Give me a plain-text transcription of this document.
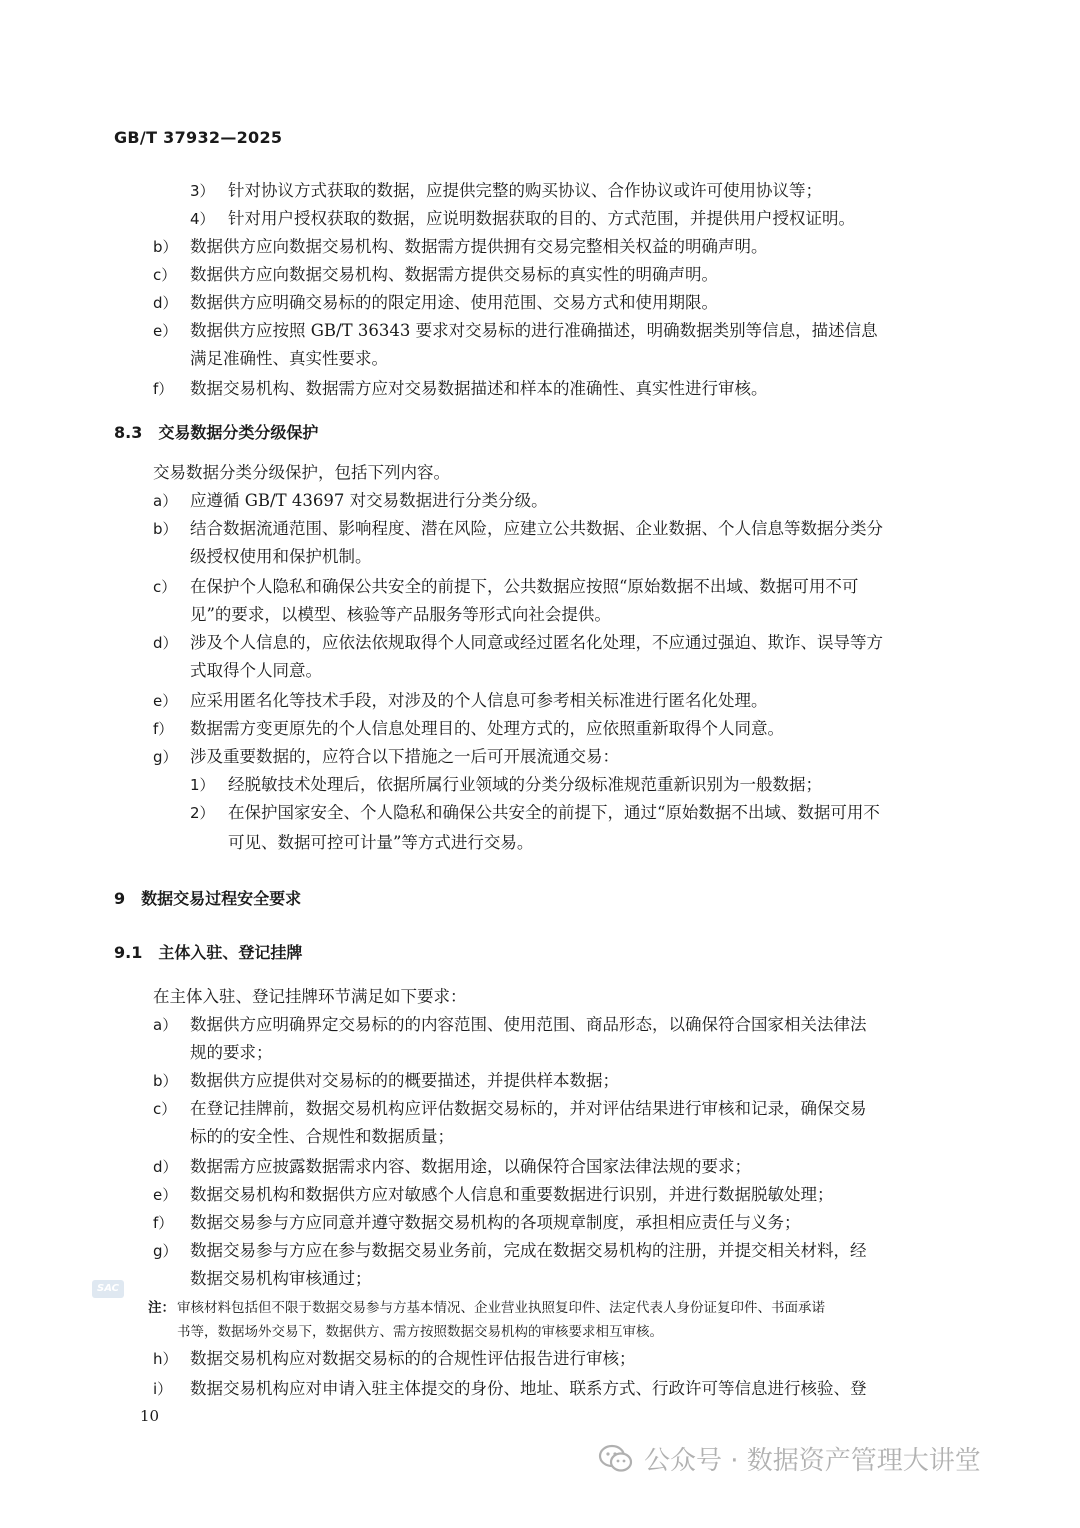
GB/T 37932—2025
3） 针对协议方式获取的数据，应提供完整的购买协议、合作协议或许可使用协议等；
4） 针对用户授权获取的数据，应说明数据获取的目的、方式范围，并提供用户授权证明。
b） 数据供方应向数据交易机构、数据需方提供拥有交易完整相关权益的明确声明。
c） 数据供方应向数据交易机构、数据需方提供交易标的真实性的明确声明。
d） 数据供方应明确交易标的的限定用途、使用范围、交易方式和使用期限。
e） 数据供方应按照 GB/T 36343 要求对交易标的进行准确描述，明确数据类别等信息，描述信息
满足准确性、真实性要求。
f） 数据交易机构、数据需方应对交易数据描述和样本的准确性、真实性进行审核。
8.3　交易数据分类分级保护
交易数据分类分级保护，包括下列内容。
a） 应遵循 GB/T 43697 对交易数据进行分类分级。
b） 结合数据流通范围、影响程度、潜在风险，应建立公共数据、企业数据、个人信息等数据分类分
级授权使用和保护机制。
c） 在保护个人隐私和确保公共安全的前提下，公共数据应按照“原始数据不出域、数据可用不可
见”的要求，以模型、核验等产品服务等形式向社会提供。
d） 涉及个人信息的，应依法依规取得个人同意或经过匿名化处理，不应通过强迫、欺诈、误导等方
式取得个人同意。
e） 应采用匿名化等技术手段，对涉及的个人信息可参考相关标准进行匿名化处理。
f） 数据需方变更原先的个人信息处理目的、处理方式的，应依照重新取得个人同意。
g） 涉及重要数据的，应符合以下措施之一后可开展流通交易：
1） 经脱敏技术处理后，依据所属行业领域的分类分级标准规范重新识别为一般数据；
2） 在保护国家安全、个人隐私和确保公共安全的前提下，通过“原始数据不出域、数据可用不
可见、数据可控可计量”等方式进行交易。
9　数据交易过程安全要求
9.1　主体入驻、登记挂牌
在主体入驻、登记挂牌环节满足如下要求：
a） 数据供方应明确界定交易标的的内容范围、使用范围、商品形态，以确保符合国家相关法律法
规的要求；
b） 数据供方应提供对交易标的的概要描述，并提供样本数据；
c） 在登记挂牌前，数据交易机构应评估数据交易标的，并对评估结果进行审核和记录，确保交易
标的的安全性、合规性和数据质量；
d） 数据需方应披露数据需求内容、数据用途，以确保符合国家法律法规的要求；
e） 数据交易机构和数据供方应对敏感个人信息和重要数据进行识别，并进行数据脱敏处理；
f） 数据交易参与方应同意并遵守数据交易机构的各项规章制度，承担相应责任与义务；
g） 数据交易参与方应在参与数据交易业务前，完成在数据交易机构的注册，并提交相关材料，经
数据交易机构审核通过；
注： 审核材料包括但不限于数据交易参与方基本情况、企业营业执照复印件、法定代表人身份证复印件、书面承诺
书等，数据场外交易下，数据供方、需方按照数据交易机构的审核要求相互审核。
h） 数据交易机构应对数据交易标的的合规性评估报告进行审核；
i） 数据交易机构应对申请入驻主体提交的身份、地址、联系方式、行政许可等信息进行核验、登
10
SAC
公众号 · 数据资产管理大讲堂
